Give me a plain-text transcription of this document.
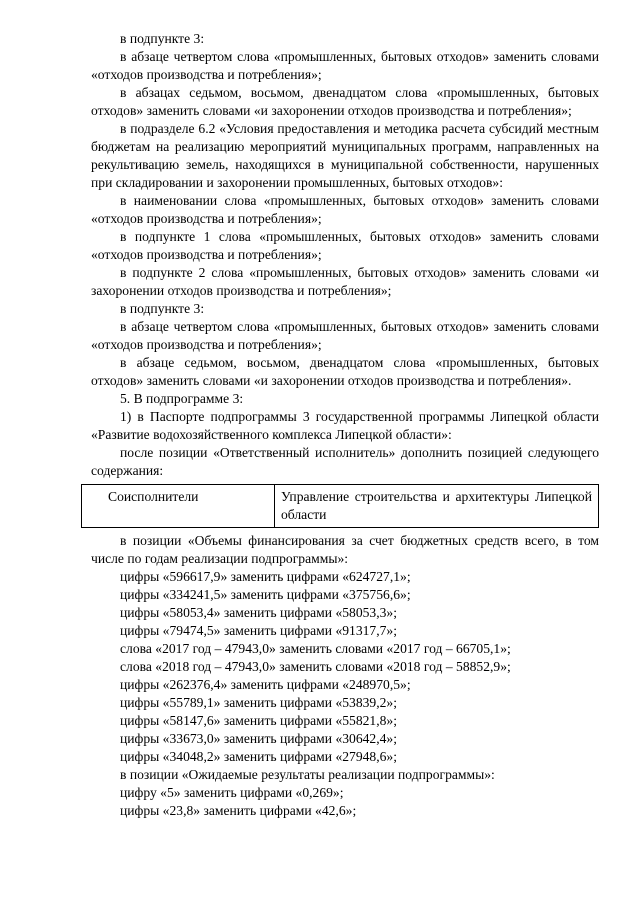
в подпункте 3:

в абзаце четвертом слова «промышленных, бытовых отходов» заменить словами «отходов производства и потребления»;

в абзацах седьмом, восьмом, двенадцатом слова «промышленных, бытовых отходов» заменить словами «и захоронении отходов производства и потребления»;

в подразделе 6.2 «Условия предоставления и методика расчета субсидий местным бюджетам на реализацию мероприятий муниципальных программ, направленных на рекультивацию земель, находящихся в муниципальной собственности, нарушенных при складировании и захоронении промышленных, бытовых отходов»:

в наименовании слова «промышленных, бытовых отходов» заменить словами «отходов производства и потребления»;

в подпункте 1 слова «промышленных, бытовых отходов» заменить словами «отходов производства и потребления»;

в подпункте 2 слова «промышленных, бытовых отходов» заменить словами «и захоронении отходов производства и потребления»;

в подпункте 3:

в абзаце четвертом слова «промышленных, бытовых отходов» заменить словами «отходов производства и потребления»;

в абзаце седьмом, восьмом, двенадцатом слова «промышленных, бытовых отходов» заменить словами «и захоронении отходов производства и потребления».

5. В подпрограмме 3:

1) в Паспорте подпрограммы 3 государственной программы Липецкой области «Развитие водохозяйственного комплекса Липецкой области»:

после позиции «Ответственный исполнитель» дополнить позицией следующего содержания:

Соисполнители	Управление строительства и архитектуры Липецкой области

в позиции «Объемы финансирования за счет бюджетных средств всего, в том числе по годам реализации подпрограммы»:

цифры «596617,9» заменить цифрами «624727,1»;

цифры «334241,5» заменить цифрами «375756,6»;

цифры «58053,4» заменить цифрами «58053,3»;

цифры «79474,5» заменить цифрами «91317,7»;

слова «2017 год – 47943,0» заменить словами «2017 год – 66705,1»;

слова «2018 год – 47943,0» заменить словами «2018 год – 58852,9»;

цифры «262376,4» заменить цифрами «248970,5»;

цифры «55789,1» заменить цифрами «53839,2»;

цифры «58147,6» заменить цифрами «55821,8»;

цифры «33673,0» заменить цифрами «30642,4»;

цифры «34048,2» заменить цифрами «27948,6»;

в позиции «Ожидаемые результаты реализации подпрограммы»:

цифру «5» заменить цифрами «0,269»;

цифры «23,8» заменить цифрами «42,6»;
